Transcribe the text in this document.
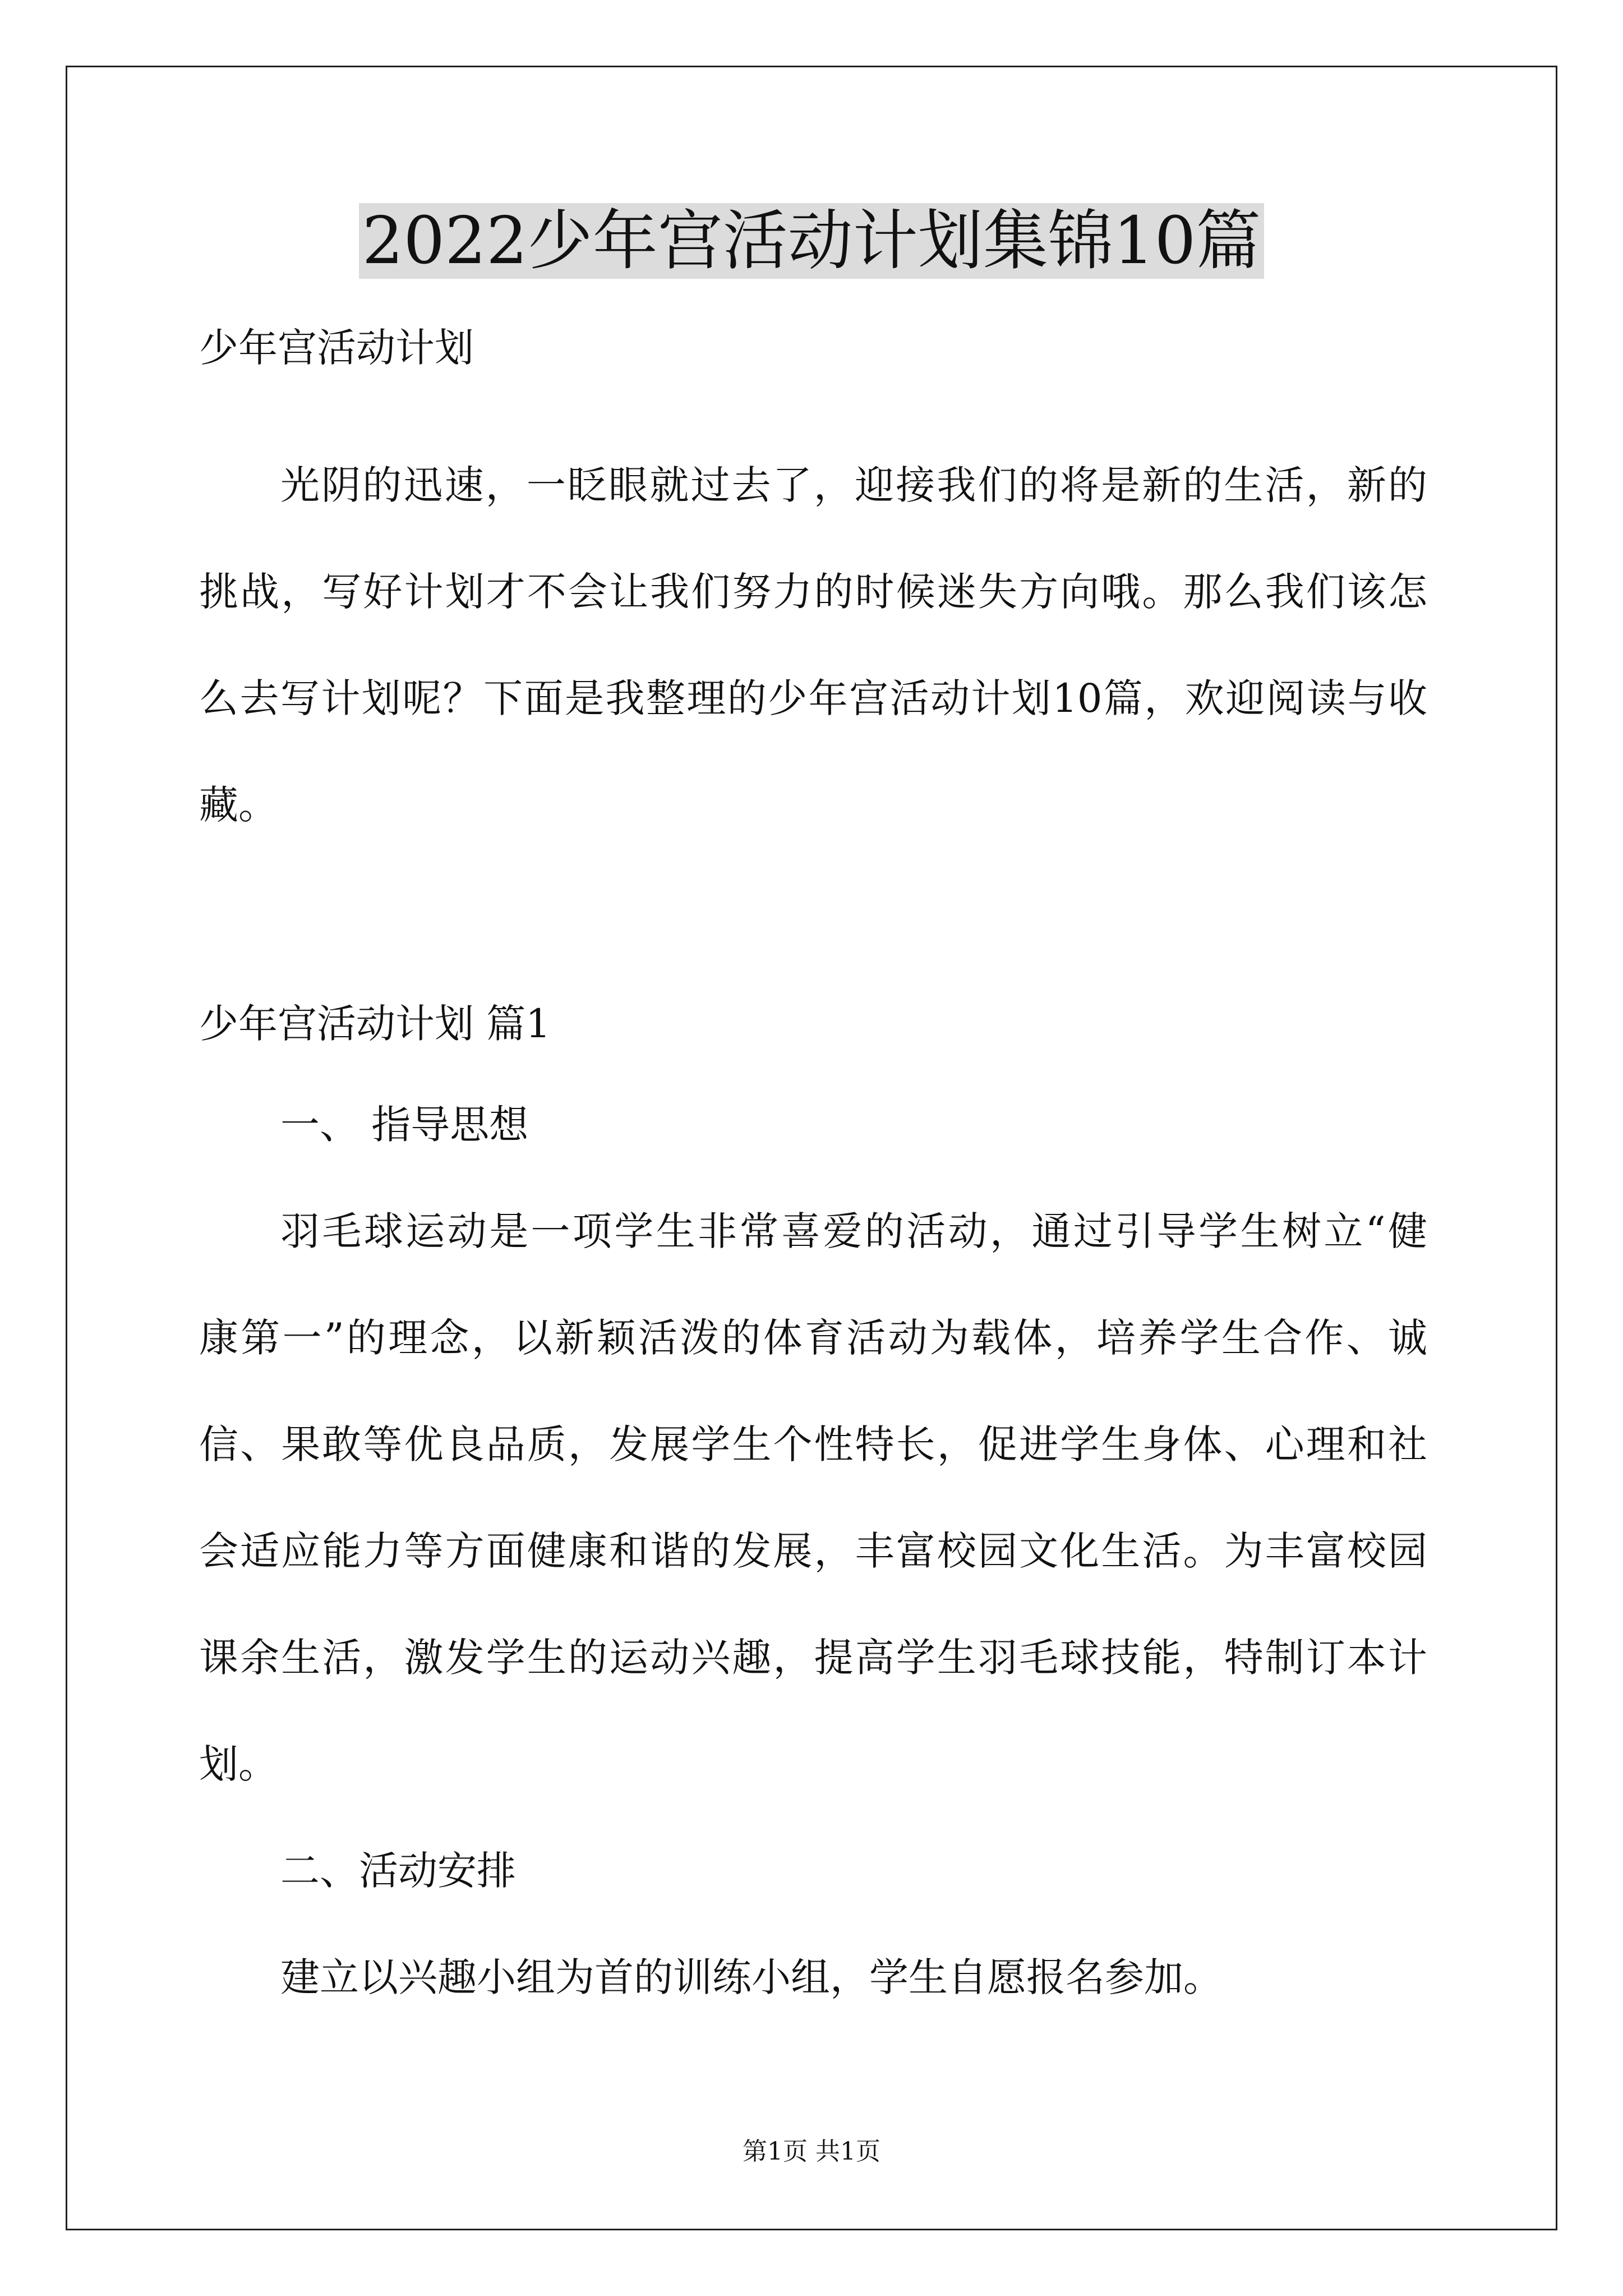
2022少年宫活动计划集锦10篇

少年宫活动计划

光阴的迅速，一眨眼就过去了，迎接我们的将是新的生活，新的

挑战，写好计划才不会让我们努力的时候迷失方向哦。那么我们该怎

么去写计划呢？下面是我整理的少年宫活动计划10篇，欢迎阅读与收

藏。

少年宫活动计划 篇1

一、 指导思想

羽毛球运动是一项学生非常喜爱的活动，通过引导学生树立“健

康第一”的理念，以新颖活泼的体育活动为载体，培养学生合作、诚

信、果敢等优良品质，发展学生个性特长，促进学生身体、心理和社

会适应能力等方面健康和谐的发展，丰富校园文化生活。为丰富校园

课余生活，激发学生的运动兴趣，提高学生羽毛球技能，特制订本计

划。

二、活动安排

建立以兴趣小组为首的训练小组，学生自愿报名参加。

第1页 共1页
